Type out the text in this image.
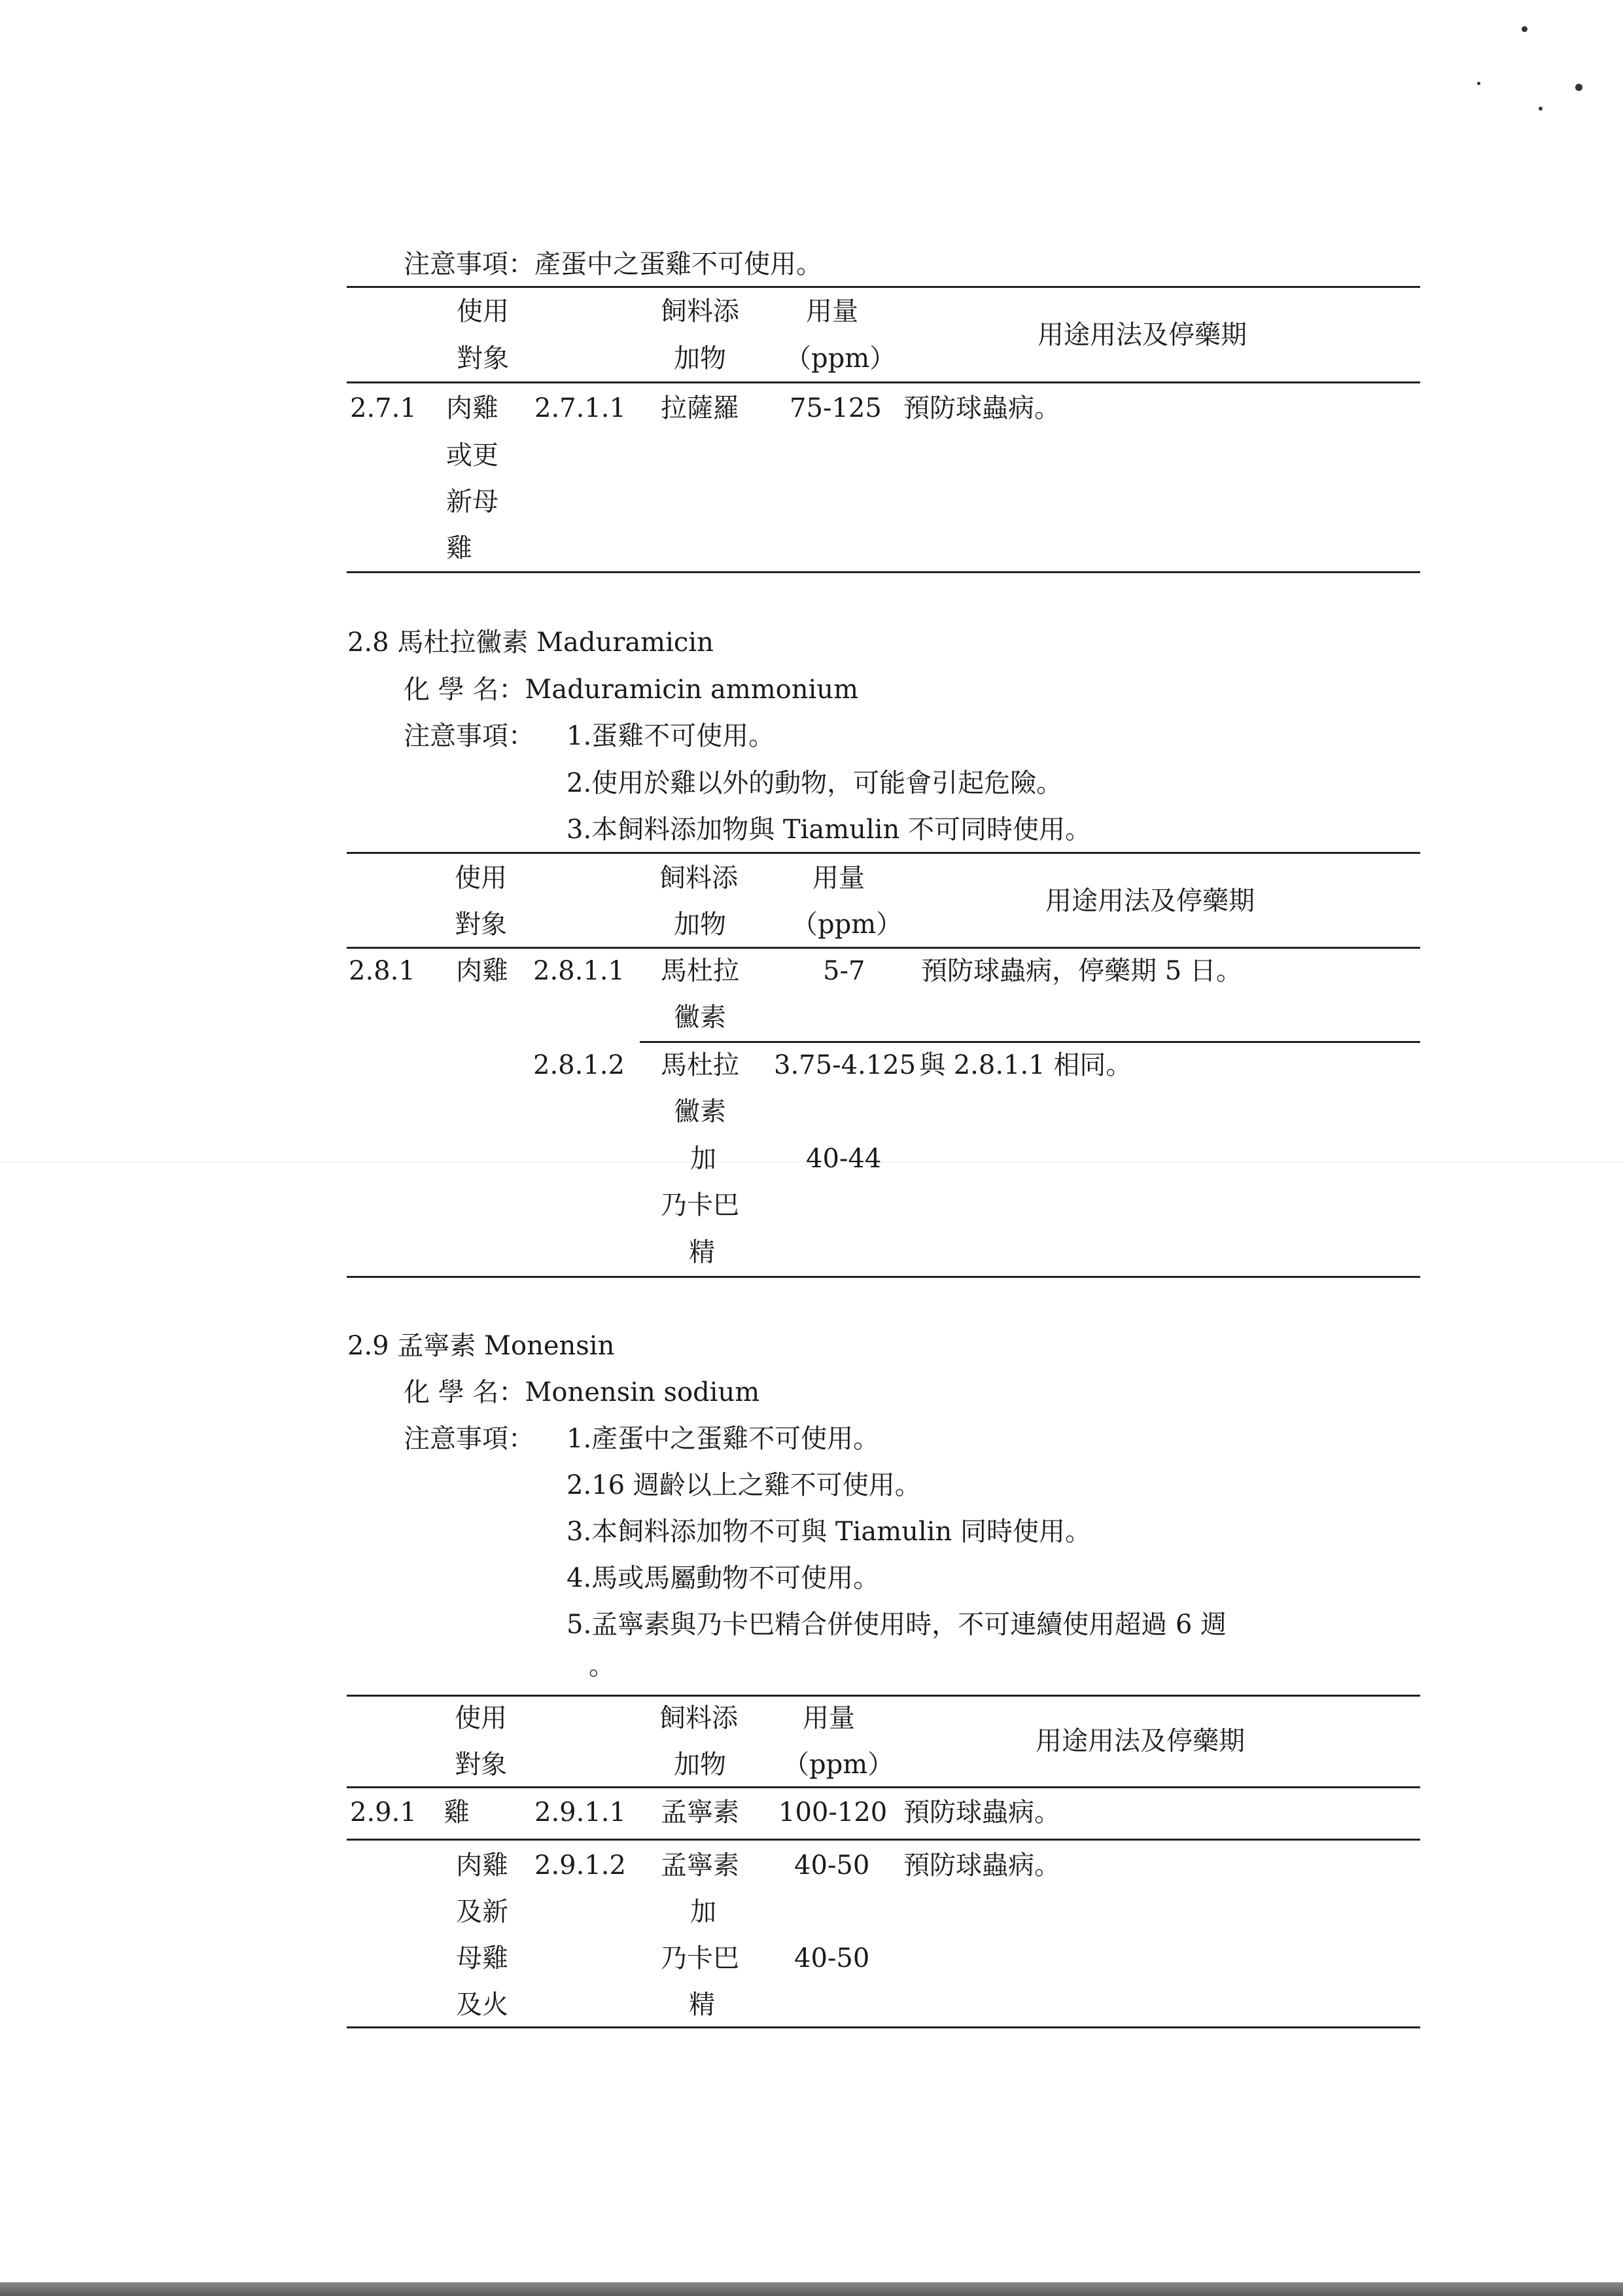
注意事項：產蛋中之蛋雞不可使用。
使用
對象
飼料添
加物
用量
（ppm）
用途用法及停藥期
2.7.1 肉雞
或更
新母
雞
2.7.1.1 拉薩羅 75-125 預防球蟲病。
2.8 馬杜拉黴素 Maduramicin
化 學 名：Maduramicin ammonium
注意事項： 1.蛋雞不可使用。
2.使用於雞以外的動物，可能會引起危險。
3.本飼料添加物與 Tiamulin 不可同時使用。
使用
對象
飼料添
加物
用量
（ppm）
用途用法及停藥期
2.8.1 肉雞 2.8.1.1 馬杜拉
黴素
5-7 預防球蟲病，停藥期 5 日。
2.8.1.2 馬杜拉
黴素
加
乃卡巴
精
3.75-4.125
40-44
與 2.8.1.1 相同。
2.9 孟寧素 Monensin
化 學 名：Monensin sodium
注意事項： 1.產蛋中之蛋雞不可使用。
2.16 週齡以上之雞不可使用。
3.本飼料添加物不可與 Tiamulin 同時使用。
4.馬或馬屬動物不可使用。
5.孟寧素與乃卡巴精合併使用時，不可連續使用超過 6 週
。
使用
對象
飼料添
加物
用量
（ppm）
用途用法及停藥期
2.9.1 雞 2.9.1.1 孟寧素 100-120 預防球蟲病。
肉雞
及新
母雞
及火
2.9.1.2 孟寧素
加
乃卡巴
精
40-50
40-50
預防球蟲病。
